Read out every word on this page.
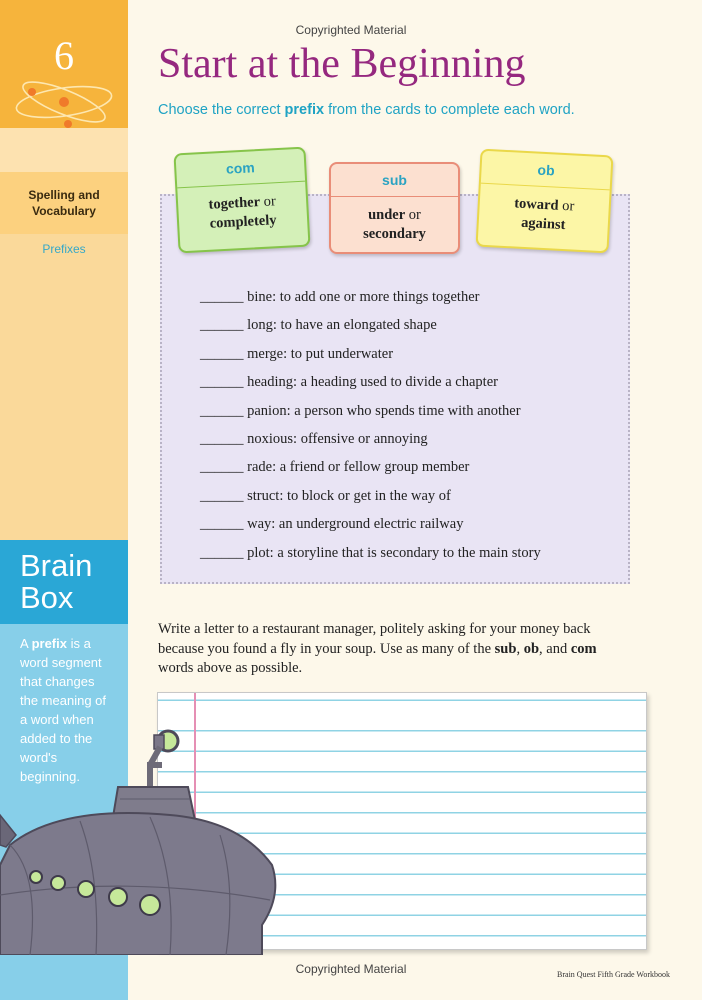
6
Spelling and Vocabulary
Prefixes
Brain Box
A prefix is a word segment that changes the meaning of a word when added to the word's beginning.
Copyrighted Material
Start at the Beginning
Choose the correct prefix from the cards to complete each word.
com
together or
completely
sub
under or
secondary
ob
toward or
against
______ bine: to add one or more things together
______ long: to have an elongated shape
______ merge: to put underwater
______ heading: a heading used to divide a chapter
______ panion: a person who spends time with another
______ noxious: offensive or annoying
______ rade: a friend or fellow group member
______ struct: to block or get in the way of
______ way: an underground electric railway
______ plot: a storyline that is secondary to the main story
Write a letter to a restaurant manager, politely asking for your money back because you found a fly in your soup. Use as many of the sub, ob, and com words above as possible.
Copyrighted Material	Brain Quest Fifth Grade Workbook
